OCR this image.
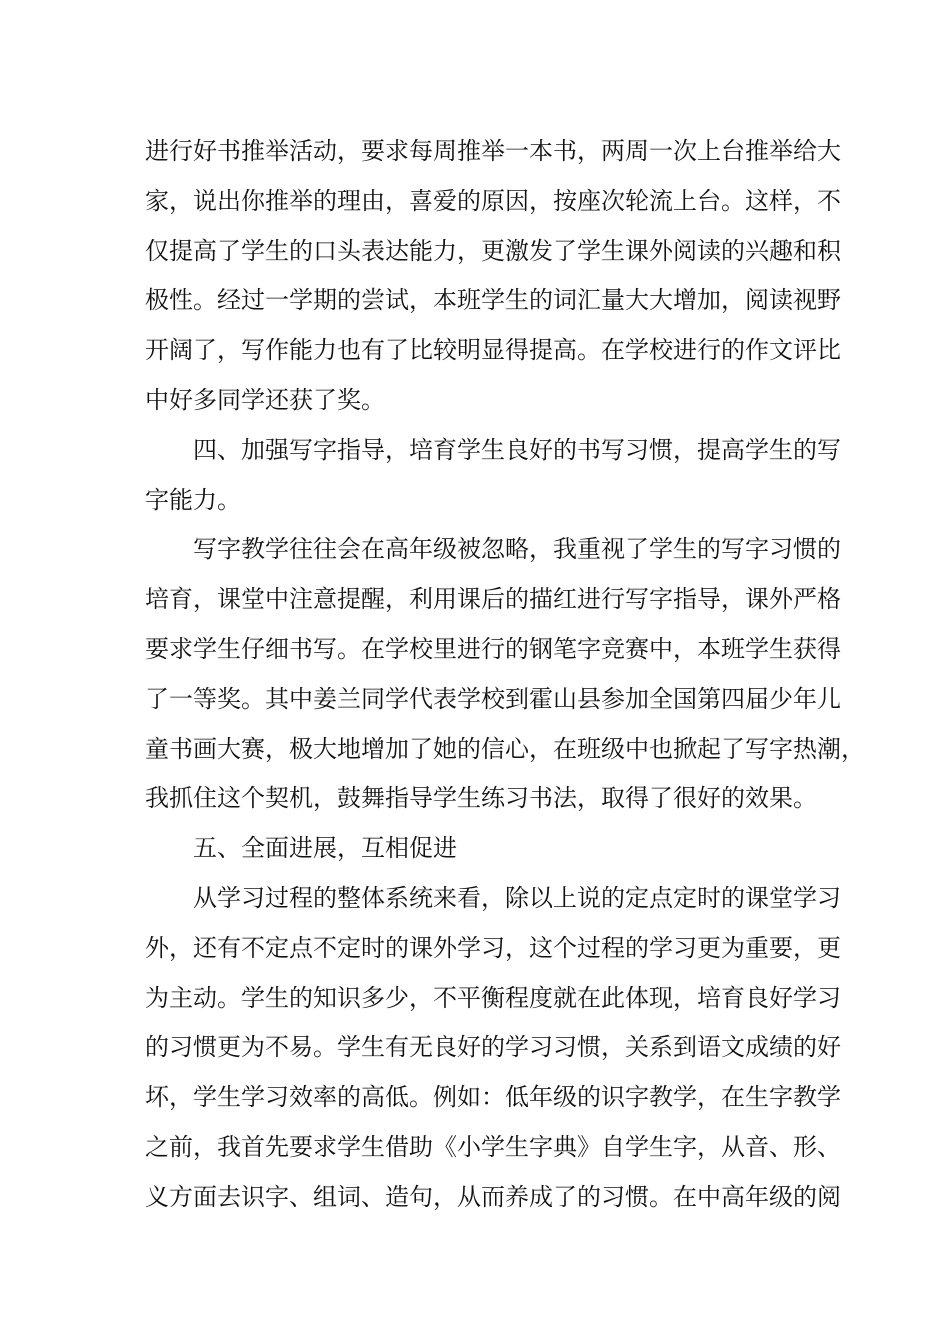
进行好书推举活动，要求每周推举一本书，两周一次上台推举给大
家，说出你推举的理由，喜爱的原因，按座次轮流上台。这样，不
仅提高了学生的口头表达能力，更激发了学生课外阅读的兴趣和积
极性。经过一学期的尝试，本班学生的词汇量大大增加，阅读视野
开阔了，写作能力也有了比较明显得提高。在学校进行的作文评比
中好多同学还获了奖。
四、加强写字指导，培育学生良好的书写习惯，提高学生的写
字能力。
写字教学往往会在高年级被忽略，我重视了学生的写字习惯的
培育，课堂中注意提醒，利用课后的描红进行写字指导，课外严格
要求学生仔细书写。在学校里进行的钢笔字竞赛中，本班学生获得
了一等奖。其中姜兰同学代表学校到霍山县参加全国第四届少年儿
童书画大赛，极大地增加了她的信心，在班级中也掀起了写字热潮，
我抓住这个契机，鼓舞指导学生练习书法，取得了很好的效果。
五、全面进展，互相促进
从学习过程的整体系统来看，除以上说的定点定时的课堂学习
外，还有不定点不定时的课外学习，这个过程的学习更为重要，更
为主动。学生的知识多少，不平衡程度就在此体现，培育良好学习
的习惯更为不易。学生有无良好的学习习惯，关系到语文成绩的好
坏，学生学习效率的高低。例如：低年级的识字教学，在生字教学
之前，我首先要求学生借助《小学生字典》自学生字，从音、形、
义方面去识字、组词、造句，从而养成了的习惯。在中高年级的阅
